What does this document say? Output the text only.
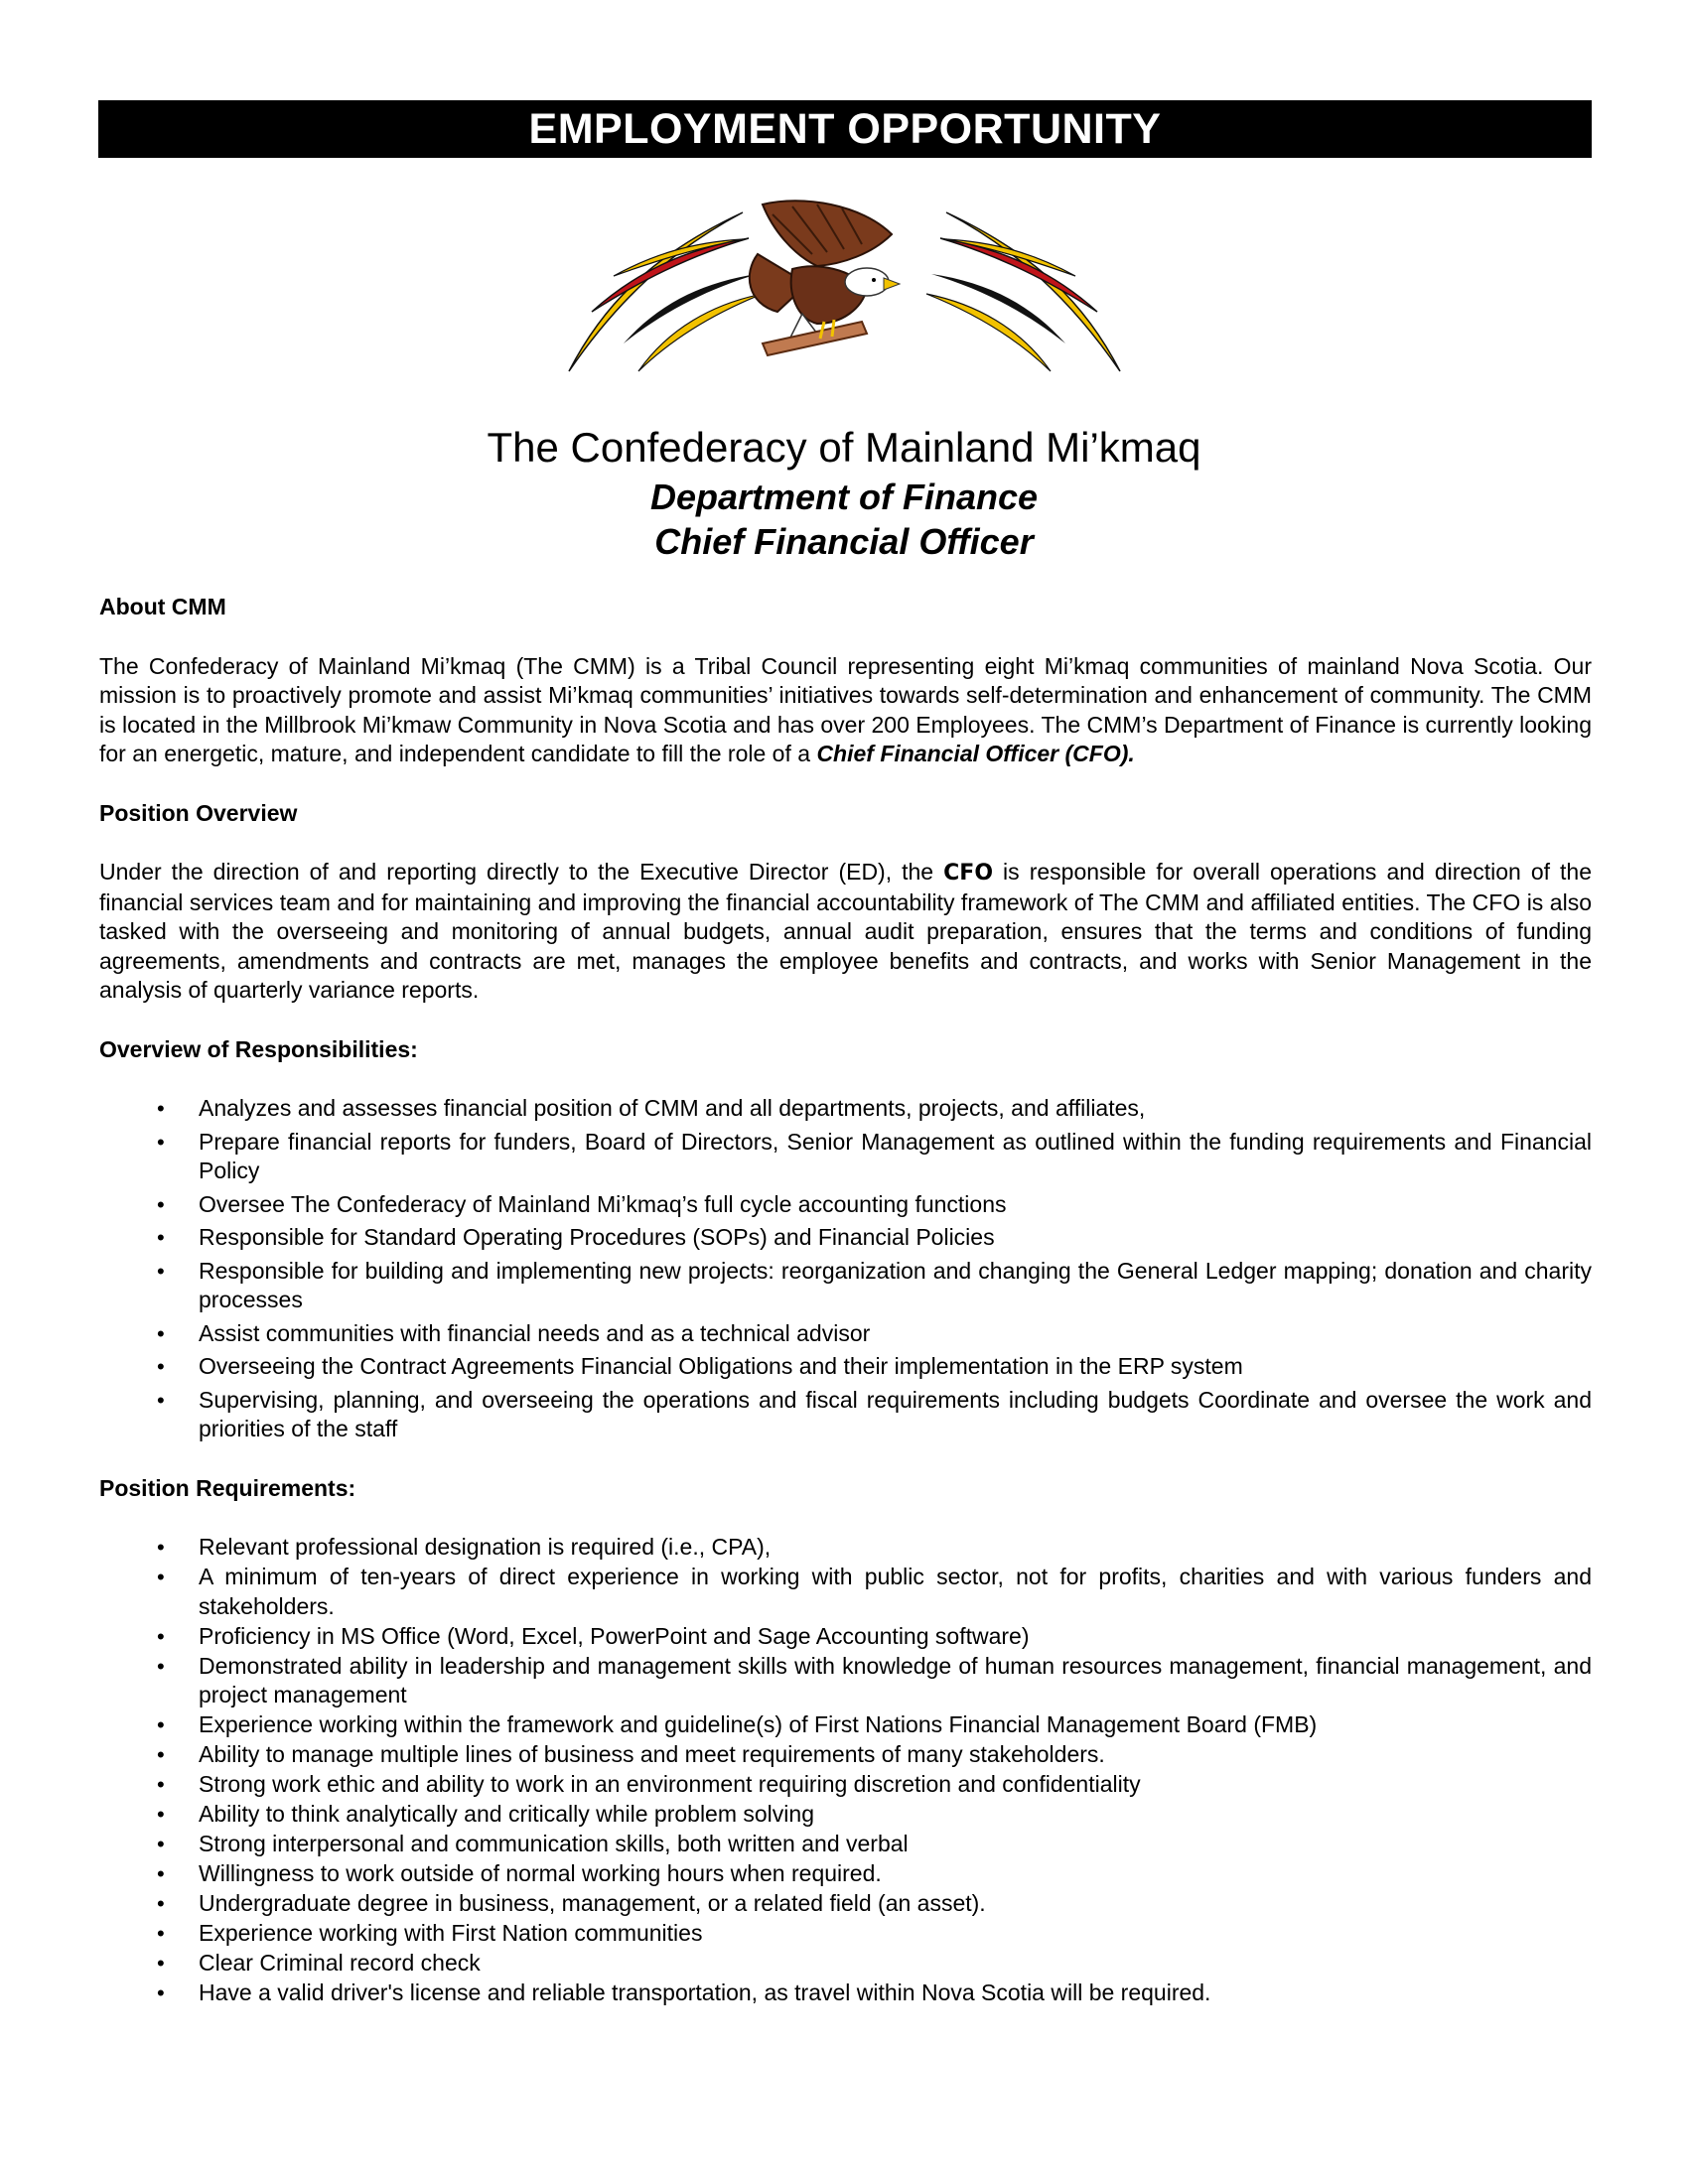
EMPLOYMENT OPPORTUNITY
The Confederacy of Mainland Mi’kmaq
Department of Finance
Chief Financial Officer
About CMM
The Confederacy of Mainland Mi’kmaq (The CMM) is a Tribal Council representing eight Mi’kmaq communities of mainland Nova Scotia. Our mission is to proactively promote and assist Mi’kmaq communities’ initiatives towards self-determination and enhancement of community. The CMM is located in the Millbrook Mi’kmaw Community in Nova Scotia and has over 200 Employees. The CMM’s Department of Finance is currently looking for an energetic, mature, and independent candidate to fill the role of a Chief Financial Officer (CFO).
Position Overview
Under the direction of and reporting directly to the Executive Director (ED), the CFO is responsible for overall operations and direction of the financial services team and for maintaining and improving the financial accountability framework of The CMM and affiliated entities. The CFO is also tasked with the overseeing and monitoring of annual budgets, annual audit preparation, ensures that the terms and conditions of funding agreements, amendments and contracts are met, manages the employee benefits and contracts, and works with Senior Management in the analysis of quarterly variance reports.
Overview of Responsibilities:
• Analyzes and assesses financial position of CMM and all departments, projects, and affiliates,
• Prepare financial reports for funders, Board of Directors, Senior Management as outlined within the funding requirements and Financial Policy
• Oversee The Confederacy of Mainland Mi’kmaq’s full cycle accounting functions
• Responsible for Standard Operating Procedures (SOPs) and Financial Policies
• Responsible for building and implementing new projects: reorganization and changing the General Ledger mapping; donation and charity processes
• Assist communities with financial needs and as a technical advisor
• Overseeing the Contract Agreements Financial Obligations and their implementation in the ERP system
• Supervising, planning, and overseeing the operations and fiscal requirements including budgets Coordinate and oversee the work and priorities of the staff
Position Requirements:
• Relevant professional designation is required (i.e., CPA),
• A minimum of ten-years of direct experience in working with public sector, not for profits, charities and with various funders and stakeholders.
• Proficiency in MS Office (Word, Excel, PowerPoint and Sage Accounting software)
• Demonstrated ability in leadership and management skills with knowledge of human resources management, financial management, and project management
• Experience working within the framework and guideline(s) of First Nations Financial Management Board (FMB)
• Ability to manage multiple lines of business and meet requirements of many stakeholders.
• Strong work ethic and ability to work in an environment requiring discretion and confidentiality
• Ability to think analytically and critically while problem solving
• Strong interpersonal and communication skills, both written and verbal
• Willingness to work outside of normal working hours when required.
• Undergraduate degree in business, management, or a related field (an asset).
• Experience working with First Nation communities
• Clear Criminal record check
• Have a valid driver's license and reliable transportation, as travel within Nova Scotia will be required.
